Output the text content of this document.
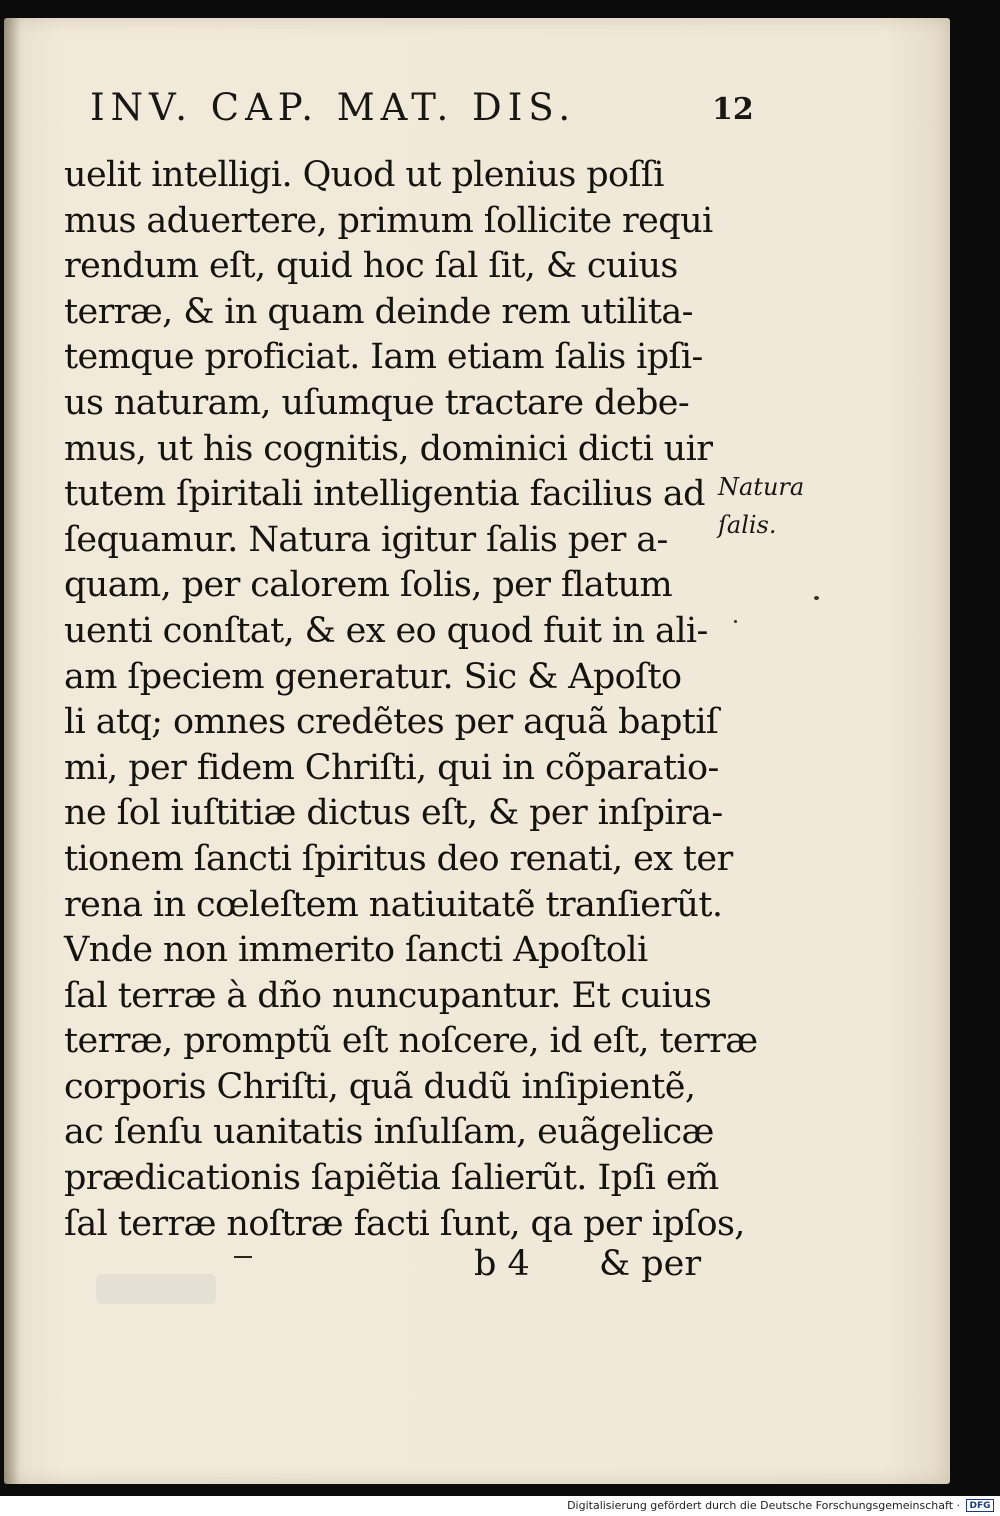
INV. CAP. MAT. DIS.	12
uelit intelligi. Quod ut plenius poſſi
mus aduertere, primum ſollicite requi
rendum eſt, quid hoc ſal ſit, & cuius
terræ, & in quam deinde rem utilita-
temque proficiat. Iam etiam ſalis ipſi-
us naturam, uſumque tractare debe-
mus, ut his cognitis, dominici dicti uir
tutem ſpiritali intelligentia facilius ad
ſequamur. Natura igitur ſalis per a-
quam, per calorem ſolis, per flatum
uenti conſtat, & ex eo quod fuit in ali-
am ſpeciem generatur. Sic & Apoſto
li atq; omnes credẽtes per aquã baptiſ
mi, per fidem Chriſti, qui in cõparatio-
ne ſol iuſtitiæ dictus eſt, & per inſpira-
tionem ſancti ſpiritus deo renati, ex ter
rena in cœleſtem natiuitatẽ tranſierũt.
Vnde non immerito ſancti Apoſtoli
ſal terræ à dño nuncupantur. Et cuius
terræ, promptũ eſt noſcere, id eſt, terræ
corporis Chriſti, quã dudũ inſipientẽ,
ac ſenſu uanitatis inſulſam, euãgelicæ
prædicationis ſapiẽtia ſalierũt. Ipſi em̃
ſal terræ noſtræ facti ſunt, qa per ipſos,
b 4 & per
Natura
ſalis.
Digitalisierung gefördert durch die Deutsche Forschungsgemeinschaft ·	DFG
